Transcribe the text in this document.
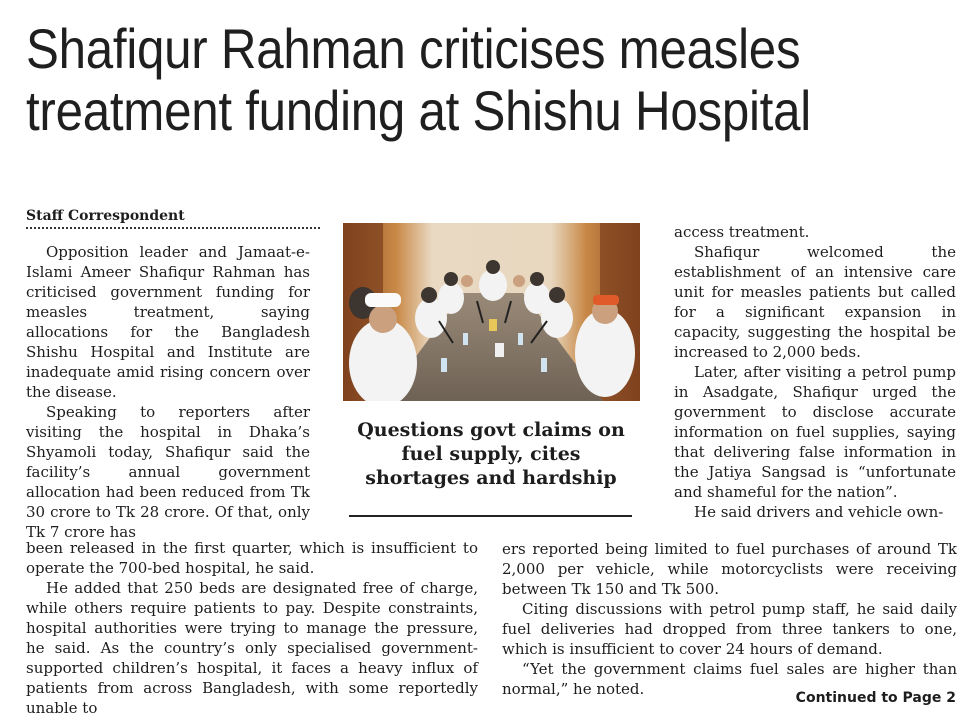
Shafiqur Rahman criticises measles
treatment funding at Shishu Hospital
Staff Correspondent

Opposition leader and Jamaat-e-Islami Ameer Shafiqur Rahman has criticised government funding for measles treatment, saying allocations for the Bangladesh Shishu Hospital and Institute are inadequate amid rising concern over the disease.

Speaking to reporters after visiting the hospital in Dhaka’s Shyamoli today, Shafiqur said the facility’s annual government allocation had been reduced from Tk 30 crore to Tk 28 crore. Of that, only Tk 7 crore has

been released in the first quarter, which is insufficient to operate the 700-bed hospital, he said.

He added that 250 beds are designated free of charge, while others require patients to pay. Despite constraints, hospital authorities were trying to manage the pressure, he said. As the country’s only specialised government-supported children’s hospital, it faces a heavy influx of patients from across Bangladesh, with some reportedly unable to

Questions govt claims on fuel supply, cites shortages and hardship

access treatment.

Shafiqur welcomed the establishment of an intensive care unit for measles patients but called for a significant expansion in capacity, suggesting the hospital be increased to 2,000 beds.

Later, after visiting a petrol pump in Asadgate, Shafiqur urged the government to disclose accurate information on fuel supplies, saying that delivering false information in the Jatiya Sangsad is “unfortunate and shameful for the nation”.

He said drivers and vehicle own-

ers reported being limited to fuel purchases of around Tk 2,000 per vehicle, while motorcyclists were receiving between Tk 150 and Tk 500.

Citing discussions with petrol pump staff, he said daily fuel deliveries had dropped from three tankers to one, which is insufficient to cover 24 hours of demand.

“Yet the government claims fuel sales are higher than normal,” he noted.	Continued to Page 2
